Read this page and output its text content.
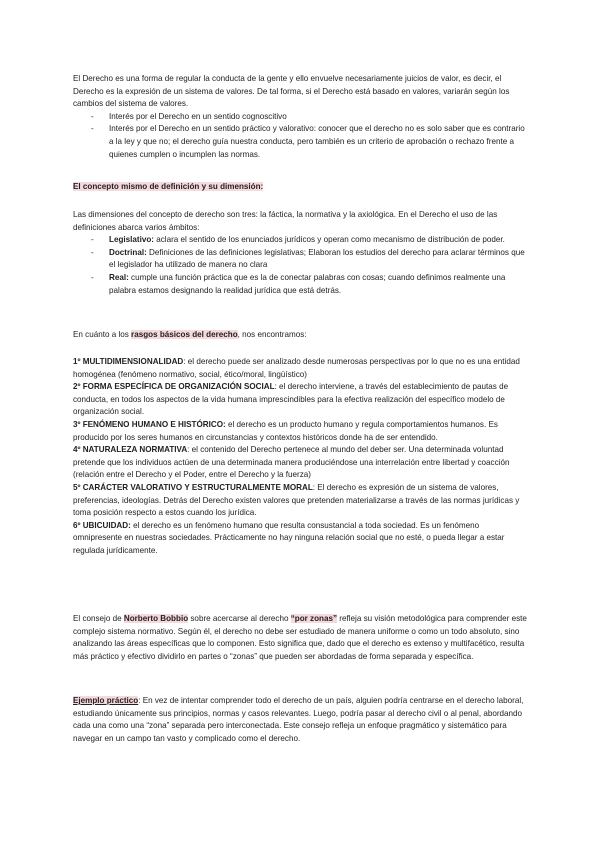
El Derecho es una forma de regular la conducta de la gente y ello envuelve necesariamente juicios de valor, es decir, el Derecho es la expresión de un sistema de valores. De tal forma, si el Derecho está basado en valores, variarán según los cambios del sistema de valores.

- Interés por el Derecho en un sentido cognoscitivo
- Interés por el Derecho en un sentido práctico y valorativo: conocer que el derecho no es solo saber que es contrario a la ley y que no; el derecho guía nuestra conducta, pero también es un criterio de aprobación o rechazo frente a quienes cumplen o incumplen las normas.

El concepto mismo de definición y su dimensión:

Las dimensiones del concepto de derecho son tres: la fáctica, la normativa y la axiológica. En el Derecho el uso de las definiciones abarca varios ámbitos:

- Legislativo: aclara el sentido de los enunciados jurídicos y operan como mecanismo de distribución de poder.
- Doctrinal: Definiciones de las definiciones legislativas; Elaboran los estudios del derecho para aclarar términos que el legislador ha utilizado de manera no clara
- Real: cumple una función práctica que es la de conectar palabras con cosas; cuando definimos realmente una palabra estamos designando la realidad jurídica que está detrás.

En cuánto a los rasgos básicos del derecho, nos encontramos:

1º MULTIDIMENSIONALIDAD: el derecho puede ser analizado desde numerosas perspectivas por lo que no es una entidad homogénea (fenómeno normativo, social, ético/moral, lingüístico)

2º FORMA ESPECÍFICA DE ORGANIZACIÓN SOCIAL: el derecho interviene, a través del establecimiento de pautas de conducta, en todos los aspectos de la vida humana imprescindibles para la efectiva realización del específico modelo de organización social.

3º FENÓMENO HUMANO E HISTÓRICO: el derecho es un producto humano y regula comportamientos humanos. Es producido por los seres humanos en circunstancias y contextos históricos donde ha de ser entendido.

4º NATURALEZA NORMATIVA: el contenido del Derecho pertenece al mundo del deber ser. Una determinada voluntad pretende que los individuos actúen de una determinada manera produciéndose una interrelación entre libertad y coacción (relación entre el Derecho y el Poder, entre el Derecho y la fuerza)

5º CARÁCTER VALORATIVO Y ESTRUCTURALMENTE MORAL: El derecho es expresión de un sistema de valores, preferencias, ideologías. Detrás del Derecho existen valores que pretenden materializarse a través de las normas jurídicas y toma posición respecto a estos cuando los jurídica.

6º UBICUIDAD: el derecho es un fenómeno humano que resulta consustancial a toda sociedad. Es un fenómeno omnipresente en nuestras sociedades. Prácticamente no hay ninguna relación social que no esté, o pueda llegar a estar regulada jurídicamente.

El consejo de Norberto Bobbio sobre acercarse al derecho “por zonas” refleja su visión metodológica para comprender este complejo sistema normativo. Según él, el derecho no debe ser estudiado de manera uniforme o como un todo absoluto, sino analizando las áreas específicas que lo componen. Esto significa que, dado que el derecho es extenso y multifacético, resulta más práctico y efectivo dividirlo en partes o “zonas” que pueden ser abordadas de forma separada y específica.

Ejemplo práctico: En vez de intentar comprender todo el derecho de un país, alguien podría centrarse en el derecho laboral, estudiando únicamente sus principios, normas y casos relevantes. Luego, podría pasar al derecho civil o al penal, abordando cada una como una “zona” separada pero interconectada. Este consejo refleja un enfoque pragmático y sistemático para navegar en un campo tan vasto y complicado como el derecho.
